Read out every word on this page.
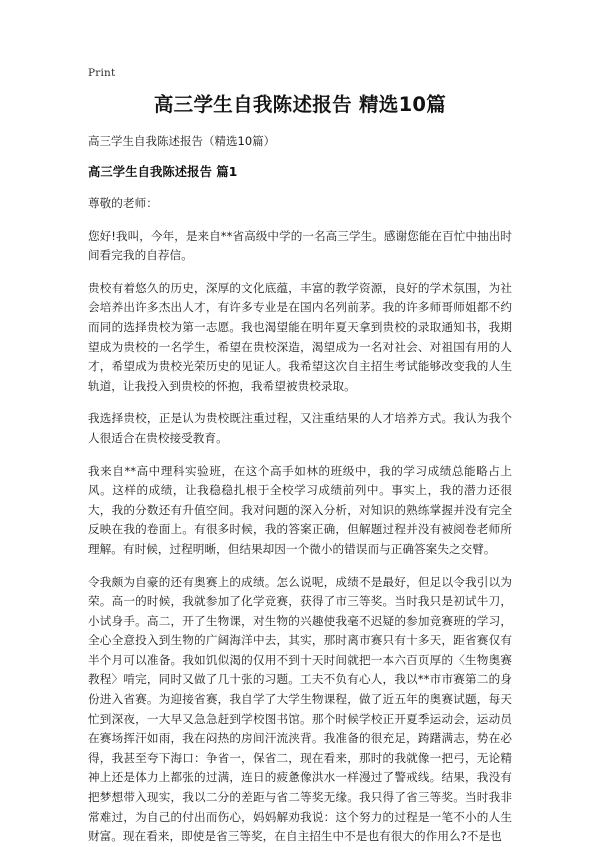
Print
高三学生自我陈述报告 精选10篇

高三学生自我陈述报告（精选10篇）

高三学生自我陈述报告 篇1

尊敬的老师：

您好!我叫，今年，是来自**省高级中学的一名高三学生。感谢您能在百忙中抽出时间看完我的自荐信。

贵校有着悠久的历史，深厚的文化底蕴，丰富的教学资源，良好的学术氛围，为社会培养出许多杰出人才，有许多专业是在国内名列前茅。我的许多师哥师姐都不约而同的选择贵校为第一志愿。我也渴望能在明年夏天拿到贵校的录取通知书，我期望成为贵校的一名学生，希望在贵校深造，渴望成为一名对社会、对祖国有用的人才，希望成为贵校光荣历史的见证人。我希望这次自主招生考试能够改变我的人生轨道，让我投入到贵校的怀抱，我希望被贵校录取。

我选择贵校，正是认为贵校既注重过程，又注重结果的人才培养方式。我认为我个人很适合在贵校接受教育。

我来自**高中理科实验班，在这个高手如林的班级中，我的学习成绩总能略占上风。这样的成绩，让我稳稳扎根于全校学习成绩前列中。事实上，我的潜力还很大，我的分数还有升值空间。我对问题的深入分析，对知识的熟练掌握并没有完全反映在我的卷面上。有很多时候，我的答案正确，但解题过程并没有被阅卷老师所理解。有时候，过程明晰，但结果却因一个微小的错误而与正确答案失之交臂。

令我颇为自豪的还有奥赛上的成绩。怎么说呢，成绩不是最好，但足以令我引以为荣。高一的时候，我就参加了化学竞赛，获得了市三等奖。当时我只是初试牛刀，小试身手。高二，开了生物课，对生物的兴趣使我毫不迟疑的参加竞赛班的学习，全心全意投入到生物的广阔海洋中去，其实，那时离市赛只有十多天，距省赛仅有半个月可以准备。我如饥似渴的仅用不到十天时间就把一本六百页厚的〈生物奥赛教程〉啃完，同时又做了几十张的习题。工夫不负有心人，我以**市市赛第二的身份进入省赛。为迎接省赛，我自学了大学生物课程，做了近五年的奥赛试题，每天忙到深夜，一大早又急急赶到学校图书馆。那个时候学校正开夏季运动会，运动员在赛场挥汗如雨，我在闷热的房间汗流浃背。我准备的很充足，踌躇满志，势在必得，我甚至夸下海口：争省一，保省二，现在看来，那时的我就像一把弓，无论精神上还是体力上都张的过满，连日的疲惫像洪水一样漫过了警戒线。结果，我没有把梦想带入现实，我以二分的差距与省二等奖无缘。我只得了省三等奖。当时我非常难过，为自己的付出而伤心，妈妈解劝我说：这个努力的过程是一笔不小的人生财富。现在看来，即使是省三等奖，在自主招生中不是也有很大的作用么?不是也
